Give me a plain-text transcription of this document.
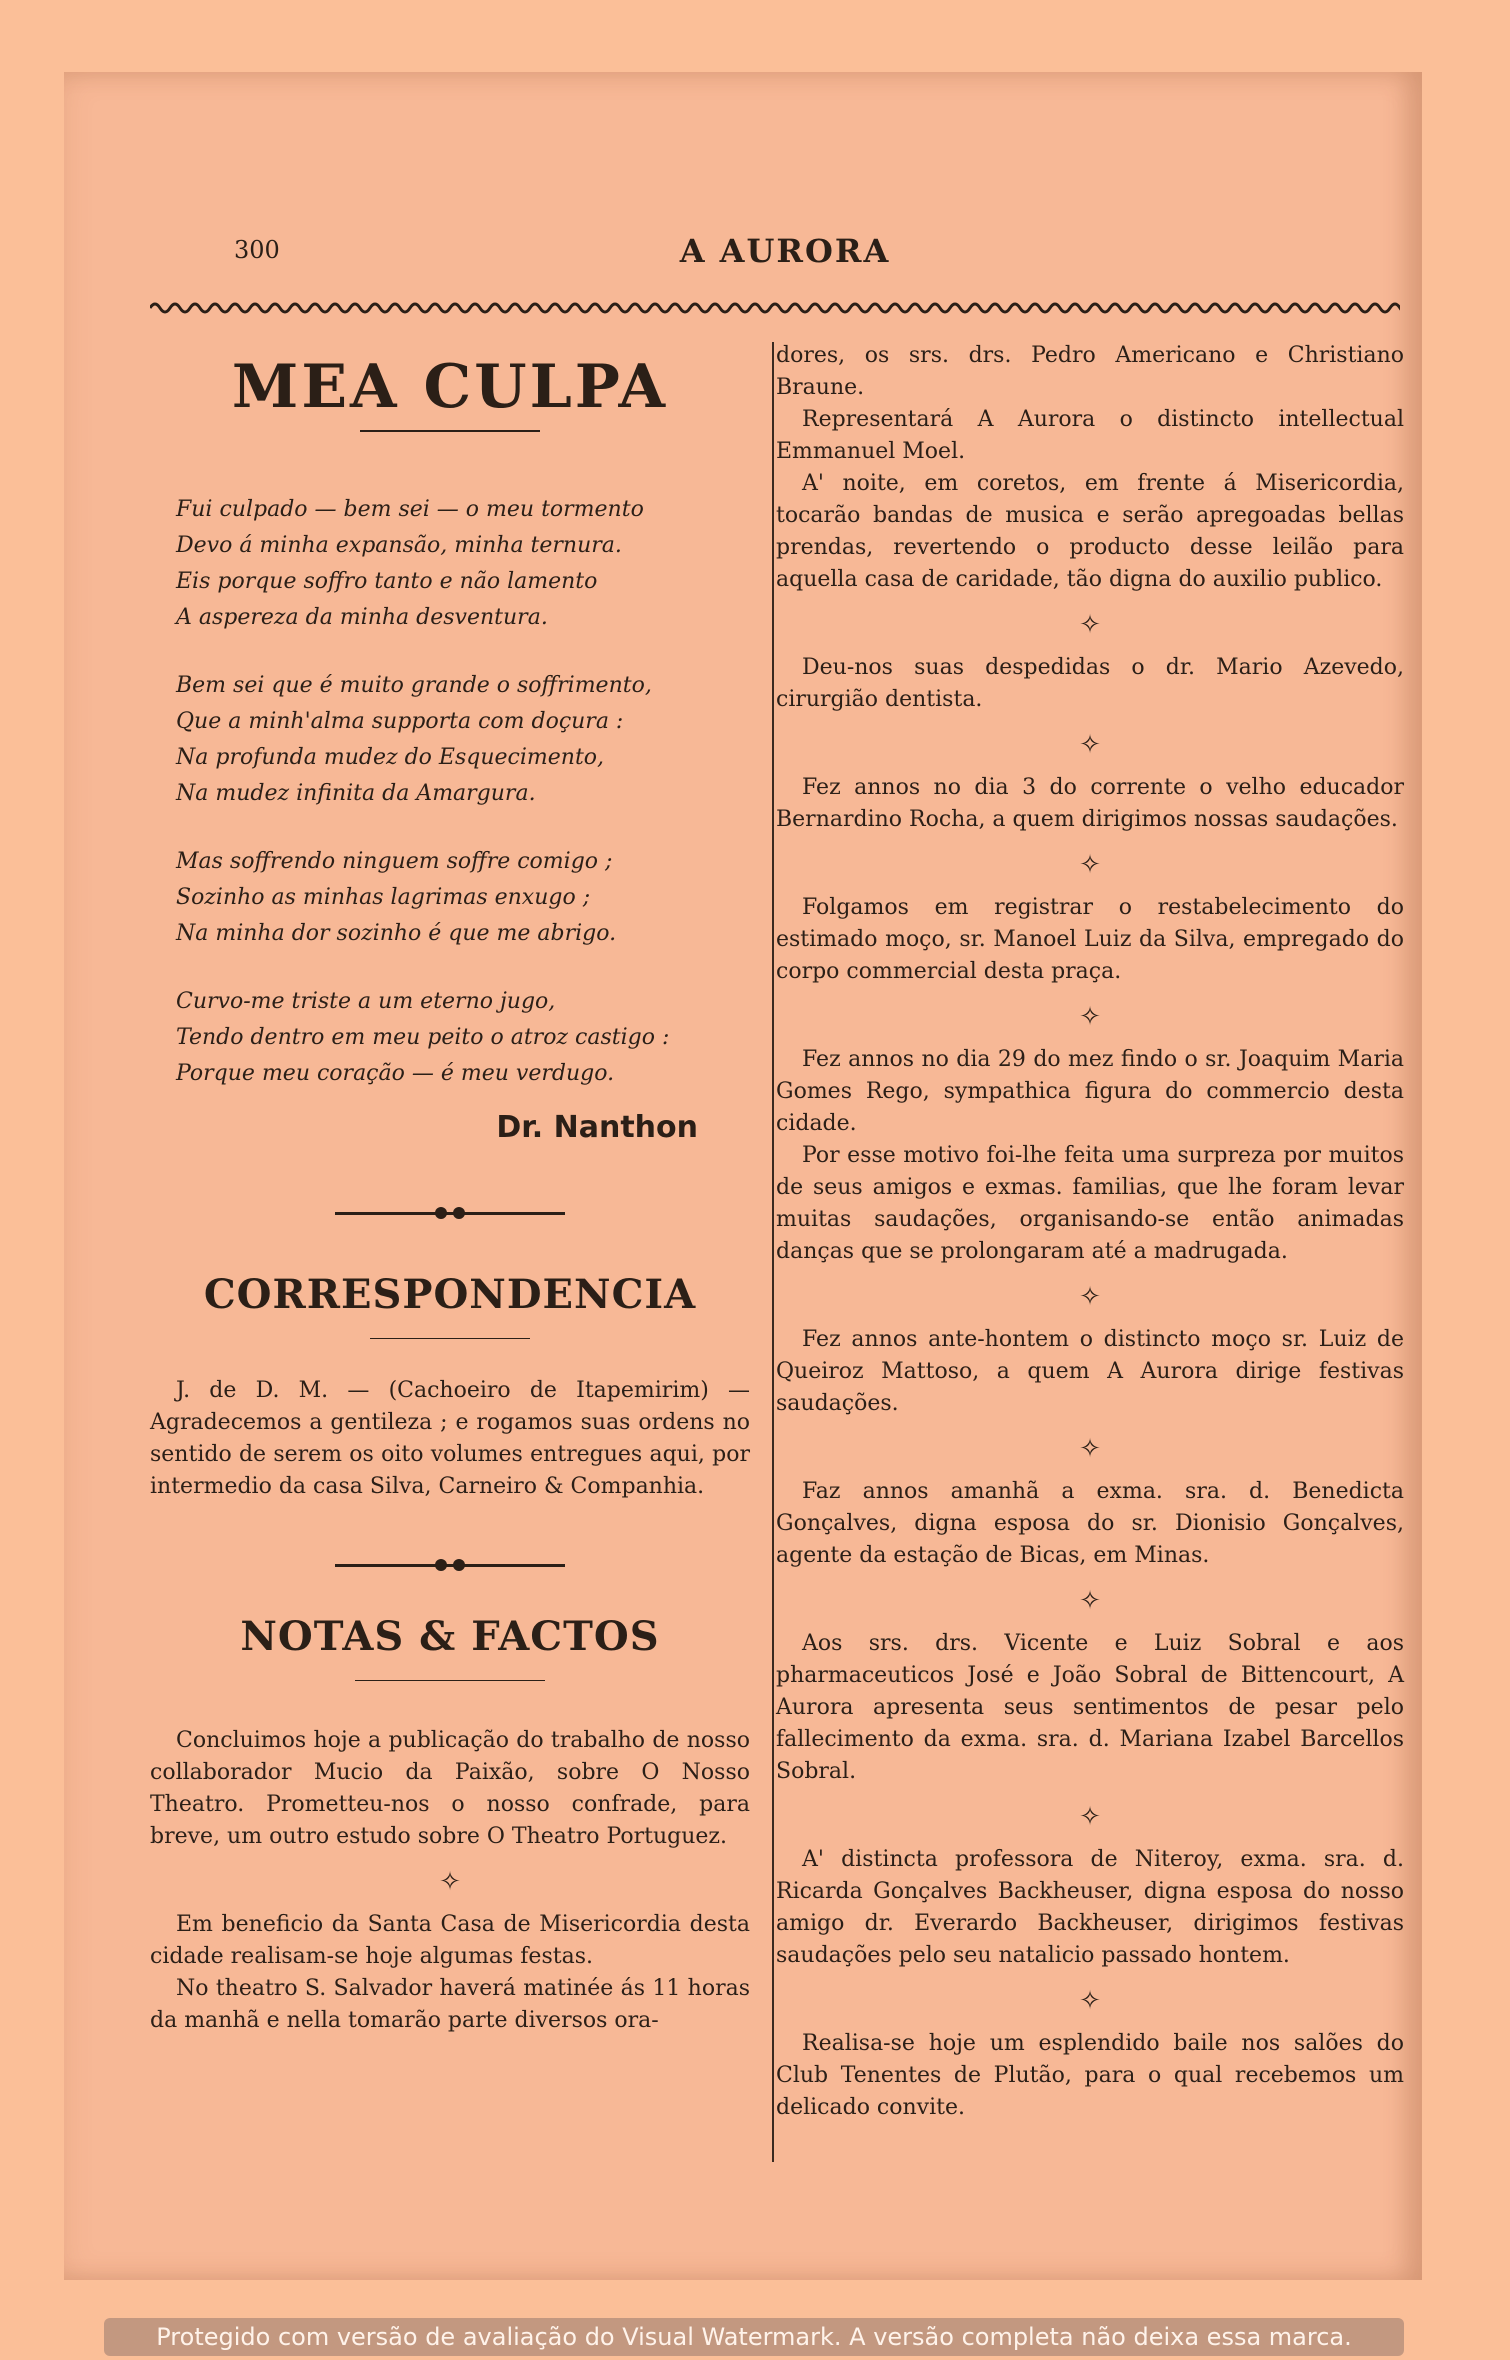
300	A AURORA
MEA CULPA
Fui culpado — bem sei — o meu tormento
Devo á minha expansão, minha ternura.
Eis porque soffro tanto e não lamento
A aspereza da minha desventura.
Bem sei que é muito grande o soffrimento,
Que a minh'alma supporta com doçura :
Na profunda mudez do Esquecimento,
Na mudez infinita da Amargura.
Mas soffrendo ninguem soffre comigo ;
Sozinho as minhas lagrimas enxugo ;
Na minha dor sozinho é que me abrigo.
Curvo-me triste a um eterno jugo,
Tendo dentro em meu peito o atroz castigo :
Porque meu coração — é meu verdugo.
Dr. Nanthon
CORRESPONDENCIA

J. de D. M. — (Cachoeiro de Itapemirim) — Agradecemos a gentileza ; e rogamos suas ordens no sentido de serem os oito volumes entregues aqui, por intermedio da casa Silva, Carneiro & Companhia.

NOTAS & FACTOS

Concluimos hoje a publicação do trabalho de nosso collaborador Mucio da Paixão, sobre O Nosso Theatro. Prometteu-nos o nosso confrade, para breve, um outro estudo sobre O Theatro Portuguez.

✧

Em beneficio da Santa Casa de Misericordia desta cidade realisam-se hoje algumas festas.

No theatro S. Salvador haverá matinée ás 11 horas da manhã e nella tomarão parte diversos ora-

dores, os srs. drs. Pedro Americano e Christiano Braune.

Representará A Aurora o distincto intellectual Emmanuel Moel.

A' noite, em coretos, em frente á Misericordia, tocarão bandas de musica e serão apregoadas bellas prendas, revertendo o producto desse leilão para aquella casa de caridade, tão digna do auxilio publico.

✧

Deu-nos suas despedidas o dr. Mario Azevedo, cirurgião dentista.

✧

Fez annos no dia 3 do corrente o velho educador Bernardino Rocha, a quem dirigimos nossas saudações.

✧

Folgamos em registrar o restabelecimento do estimado moço, sr. Manoel Luiz da Silva, empregado do corpo commercial desta praça.

✧

Fez annos no dia 29 do mez findo o sr. Joaquim Maria Gomes Rego, sympathica figura do commercio desta cidade.

Por esse motivo foi-lhe feita uma surpreza por muitos de seus amigos e exmas. familias, que lhe foram levar muitas saudações, organisando-se então animadas danças que se prolongaram até a madrugada.

✧

Fez annos ante-hontem o distincto moço sr. Luiz de Queiroz Mattoso, a quem A Aurora dirige festivas saudações.

✧

Faz annos amanhã a exma. sra. d. Benedicta Gonçalves, digna esposa do sr. Dionisio Gonçalves, agente da estação de Bicas, em Minas.

✧

Aos srs. drs. Vicente e Luiz Sobral e aos pharmaceuticos José e João Sobral de Bittencourt, A Aurora apresenta seus sentimentos de pesar pelo fallecimento da exma. sra. d. Mariana Izabel Barcellos Sobral.

✧

A' distincta professora de Niteroy, exma. sra. d. Ricarda Gonçalves Backheuser, digna esposa do nosso amigo dr. Everardo Backheuser, dirigimos festivas saudações pelo seu natalicio passado hontem.

✧

Realisa-se hoje um esplendido baile nos salões do Club Tenentes de Plutão, para o qual recebemos um delicado convite.

Protegido com versão de avaliação do Visual Watermark. A versão completa não deixa essa marca.
